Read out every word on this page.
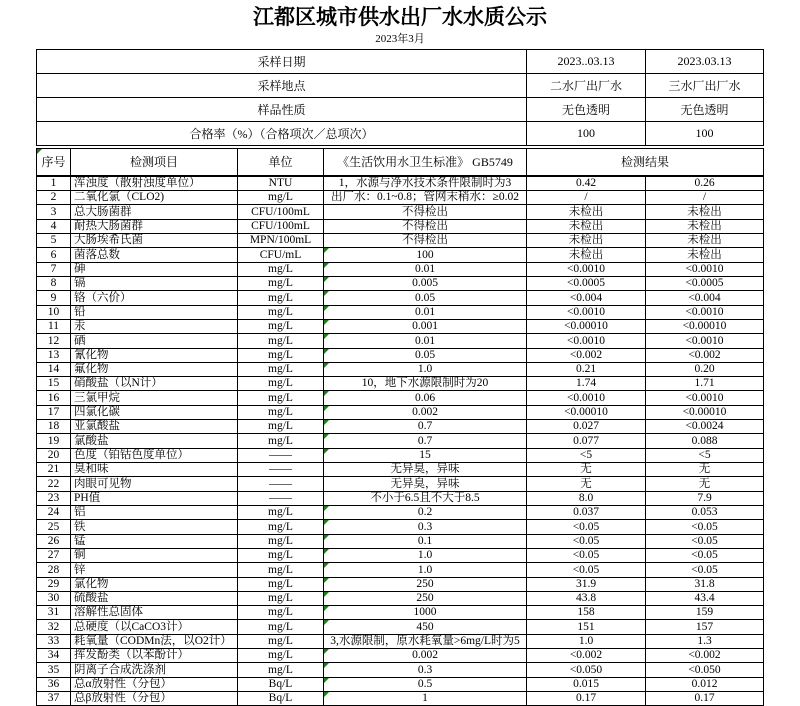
江都区城市供水出厂水水质公示
2023年3月
采样日期	2023..03.13	2023.03.13
采样地点	二水厂出厂水	三水厂出厂水
样品性质	无色透明	无色透明
合格率（%）（合格项次／总项次）	100	100
序号	检测项目	单位	《生活饮用水卫生标准》 GB5749	检测结果	
1	浑浊度（散射浊度单位）	NTU	1，水源与净水技术条件限制时为3	0.42	0.26
2	二氧化氯（CLO2)	mg/L	出厂水：0.1~0.8；管网末稍水：≥0.02	/	/
3	总大肠菌群	CFU/100mL	不得检出	未检出	未检出
4	耐热大肠菌群	CFU/100mL	不得检出	未检出	未检出
5	大肠埃希氏菌	MPN/100mL	不得检出	未检出	未检出
6	菌落总数	CFU/mL	100	未检出	未检出
7	砷	mg/L	0.01	<0.0010	<0.0010
8	镉	mg/L	0.005	<0.0005	<0.0005
9	铬（六价）	mg/L	0.05	<0.004	<0.004
10	铅	mg/L	0.01	<0.0010	<0.0010
11	汞	mg/L	0.001	<0.00010	<0.00010
12	硒	mg/L	0.01	<0.0010	<0.0010
13	氰化物	mg/L	0.05	<0.002	<0.002
14	氟化物	mg/L	1.0	0.21	0.20
15	硝酸盐（以N计）	mg/L	10，地下水源限制时为20	1.74	1.71
16	三氯甲烷	mg/L	0.06	<0.0010	<0.0010
17	四氯化碳	mg/L	0.002	<0.00010	<0.00010
18	亚氯酸盐	mg/L	0.7	0.027	<0.0024
19	氯酸盐	mg/L	0.7	0.077	0.088
20	色度（铂钴色度单位）	——	15	<5	<5
21	臭和味	——	无异臭，异味	无	无
22	肉眼可见物	——	无异臭，异味	无	无
23	PH值	——	不小于6.5且不大于8.5	8.0	7.9
24	铝	mg/L	0.2	0.037	0.053
25	铁	mg/L	0.3	<0.05	<0.05
26	锰	mg/L	0.1	<0.05	<0.05
27	铜	mg/L	1.0	<0.05	<0.05
28	锌	mg/L	1.0	<0.05	<0.05
29	氯化物	mg/L	250	31.9	31.8
30	硫酸盐	mg/L	250	43.8	43.4
31	溶解性总固体	mg/L	1000	158	159
32	总硬度（以CaCO3计）	mg/L	450	151	157
33	耗氧量（CODMn法，以O2计）	mg/L	3,水源限制，原水耗氧量>6mg/L时为5	1.0	1.3
34	挥发酚类（以苯酚计）	mg/L	0.002	<0.002	<0.002
35	阴离子合成洗涤剂	mg/L	0.3	<0.050	<0.050
36	总α放射性（分包）	Bq/L	0.5	0.015	0.012
37	总β放射性（分包）	Bq/L	1	0.17	0.17
